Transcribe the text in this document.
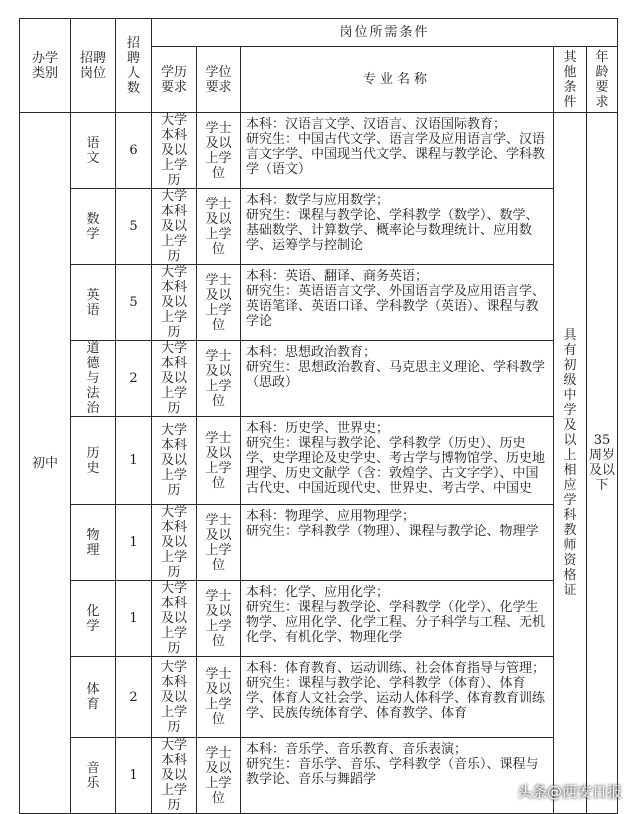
办学类别	招聘岗位	招聘人数	岗位所需条件				
			学历要求	学位要求	专业名称	其他条件	年龄要求
初中	语文	6	大学本科及以上学历	学士及以上学位	本科：汉语言文学、汉语言、汉语国际教育；
研究生：中国古代文学、语言学及应用语言学、汉语言文字学、中国现当代文学、课程与教学论、学科教学（语文）	具有初级中学及以上相应学科教师资格证	35周岁及以下
	数学	5	大学本科及以上学历	学士及以上学位	本科：数学与应用数学；
研究生：课程与教学论、学科教学（数学）、数学、基础数学、计算数学、概率论与数理统计、应用数学、运筹学与控制论		

	英语	5	大学本科及以上学历	学士及以上学位	本科：英语、翻译、商务英语；
研究生：英语语言文学、外国语言学及应用语言学、英语笔译、英语口译、学科教学（英语）、课程与教学论		

	道德与法治	2	大学本科及以上学历	学士及以上学位	本科：思想政治教育；
研究生：思想政治教育、马克思主义理论、学科教学（思政）		

	历史	1	大学本科及以上学历	学士及以上学位	本科：历史学、世界史；
研究生：课程与教学论、学科教学（历史）、历史学、史学理论及史学史、考古学与博物馆学、历史地理学、历史文献学（含：敦煌学、古文字学）、中国古代史、中国近现代史、世界史、考古学、中国史		

	物理	1	大学本科及以上学历	学士及以上学位	本科：物理学、应用物理学；
研究生：学科教学（物理）、课程与教学论、物理学		

	化学	1	大学本科及以上学历	学士及以上学位	本科：化学、应用化学；
研究生：课程与教学论、学科教学（化学）、化学生物学、应用化学、化学工程、分子科学与工程、无机化学、有机化学、物理化学		

	体育	2	大学本科及以上学历	学士及以上学位	本科：体育教育、运动训练、社会体育指导与管理；
研究生：课程与教学论、学科教学（体育）、体育学、体育人文社会学、运动人体科学、体育教育训练学、民族传统体育学、体育教学、体育		

	音乐	1	大学本科及以上学历	学士及以上学位	本科：音乐学、音乐教育、音乐表演；
研究生：音乐学、音乐、学科教学（音乐）、课程与教学论、音乐与舞蹈学		
头条@西安日报
